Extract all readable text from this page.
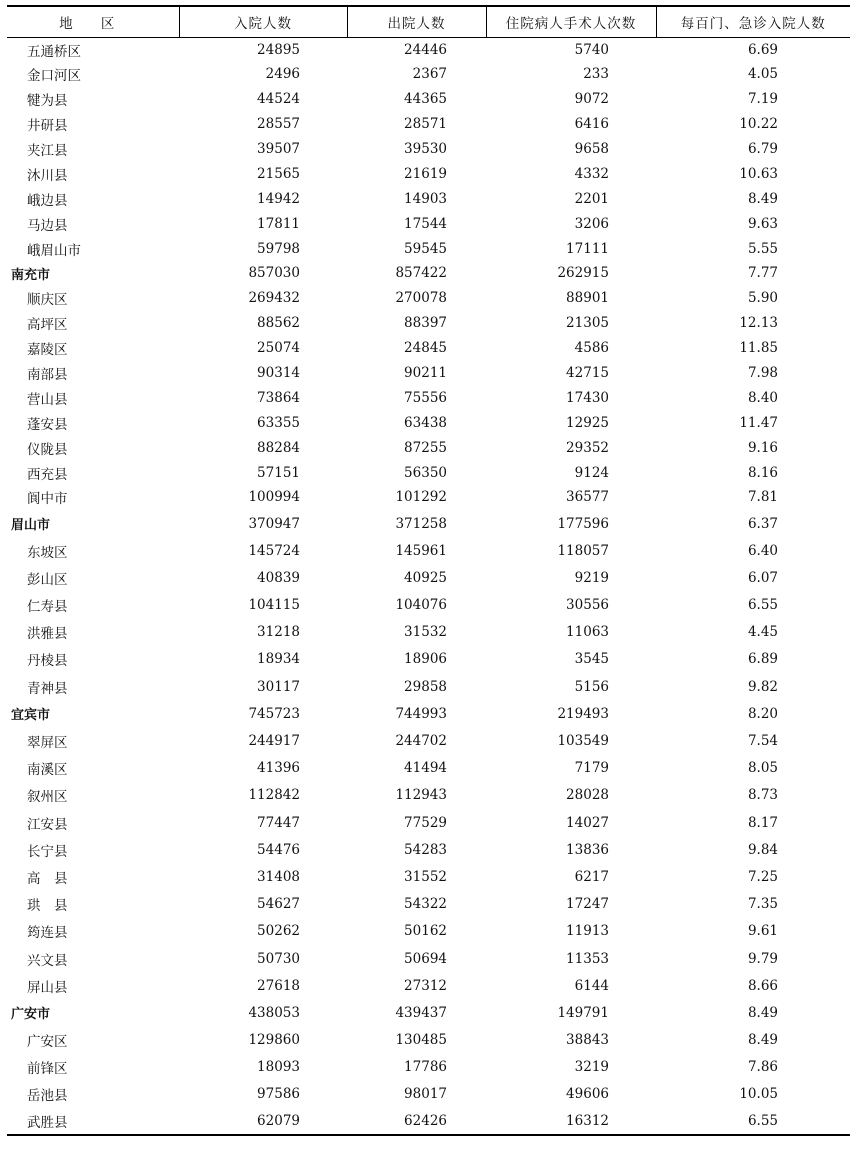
地 区	入院人数	出院人数	住院病人手术人次数	每百门、急诊入院人数
五通桥区	24895	24446	5740	6.69
金口河区	2496	2367	233	4.05
犍为县	44524	44365	9072	7.19
井研县	28557	28571	6416	10.22
夹江县	39507	39530	9658	6.79
沐川县	21565	21619	4332	10.63
峨边县	14942	14903	2201	8.49
马边县	17811	17544	3206	9.63
峨眉山市	59798	59545	17111	5.55
南充市	857030	857422	262915	7.77
顺庆区	269432	270078	88901	5.90
高坪区	88562	88397	21305	12.13
嘉陵区	25074	24845	4586	11.85
南部县	90314	90211	42715	7.98
营山县	73864	75556	17430	8.40
蓬安县	63355	63438	12925	11.47
仪陇县	88284	87255	29352	9.16
西充县	57151	56350	9124	8.16
阆中市	100994	101292	36577	7.81
眉山市	370947	371258	177596	6.37
东坡区	145724	145961	118057	6.40
彭山区	40839	40925	9219	6.07
仁寿县	104115	104076	30556	6.55
洪雅县	31218	31532	11063	4.45
丹棱县	18934	18906	3545	6.89
青神县	30117	29858	5156	9.82
宜宾市	745723	744993	219493	8.20
翠屏区	244917	244702	103549	7.54
南溪区	41396	41494	7179	8.05
叙州区	112842	112943	28028	8.73
江安县	77447	77529	14027	8.17
长宁县	54476	54283	13836	9.84
高　县	31408	31552	6217	7.25
珙　县	54627	54322	17247	7.35
筠连县	50262	50162	11913	9.61
兴文县	50730	50694	11353	9.79
屏山县	27618	27312	6144	8.66
广安市	438053	439437	149791	8.49
广安区	129860	130485	38843	8.49
前锋区	18093	17786	3219	7.86
岳池县	97586	98017	49606	10.05
武胜县	62079	62426	16312	6.55
